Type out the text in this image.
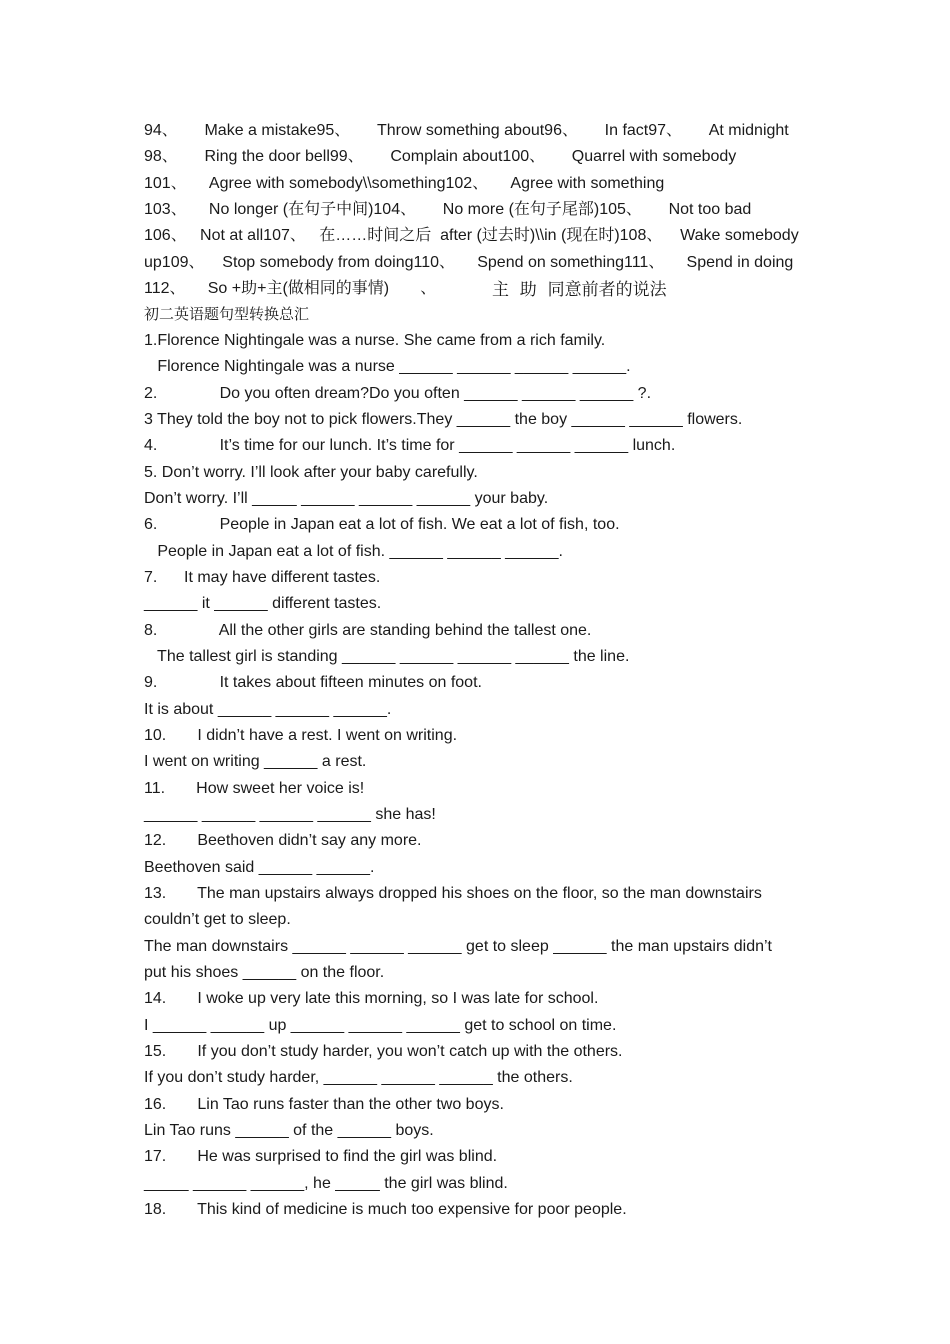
94、      Make a mistake95、      Throw something about96、      In fact97、      At midnight

98、      Ring the door bell99、      Complain about100、      Quarrel with somebody

101、     Agree with somebody\\something102、     Agree with something

103、     No longer (在句子中间)104、      No more (在句子尾部)105、      Not too bad

106、   Not at all107、   在……时间之后  after (过去时)\\in (现在时)108、    Wake somebody

up109、    Stop somebody from doing110、     Spend on something111、     Spend in doing

112、     So +助+主(做相同的事情)       、	主  助  同意前者的说法

初二英语题句型转换总汇

1.Florence Nightingale was a nurse. She came from a rich family.

Florence Nightingale was a nurse ______ ______ ______ ______.

2.              Do you often dream?Do you often ______ ______ ______ ?.

3 They told the boy not to pick flowers.They ______ the boy ______ ______ flowers.

4.              It’s time for our lunch. It’s time for ______ ______ ______ lunch.

5. Don’t worry. I’ll look after your baby carefully.

Don’t worry. I’ll _____ ______ ______ ______ your baby.

6.              People in Japan eat a lot of fish. We eat a lot of fish, too.

People in Japan eat a lot of fish. ______ ______ ______.

7.      It may have different tastes.

______ it ______ different tastes.

8.              All the other girls are standing behind the tallest one.

The tallest girl is standing ______ ______ ______ ______ the line.

9.              It takes about fifteen minutes on foot.

It is about ______ ______ ______.

10.       I didn’t have a rest. I went on writing.

I went on writing ______ a rest.

11.       How sweet her voice is!

______ ______ ______ ______ she has!

12.       Beethoven didn’t say any more.

Beethoven said ______ ______.

13.       The man upstairs always dropped his shoes on the floor, so the man downstairs

couldn’t get to sleep.

The man downstairs ______ ______ ______ get to sleep ______ the man upstairs didn’t

put his shoes ______ on the floor.

14.       I woke up very late this morning, so I was late for school.

I ______ ______ up ______ ______ ______ get to school on time.

15.       If you don’t study harder, you won’t catch up with the others.

If you don’t study harder, ______ ______ ______ the others.

16.       Lin Tao runs faster than the other two boys.

Lin Tao runs ______ of the ______ boys.

17.       He was surprised to find the girl was blind.

_____ ______ ______, he _____ the girl was blind.

18.       This kind of medicine is much too expensive for poor people.
